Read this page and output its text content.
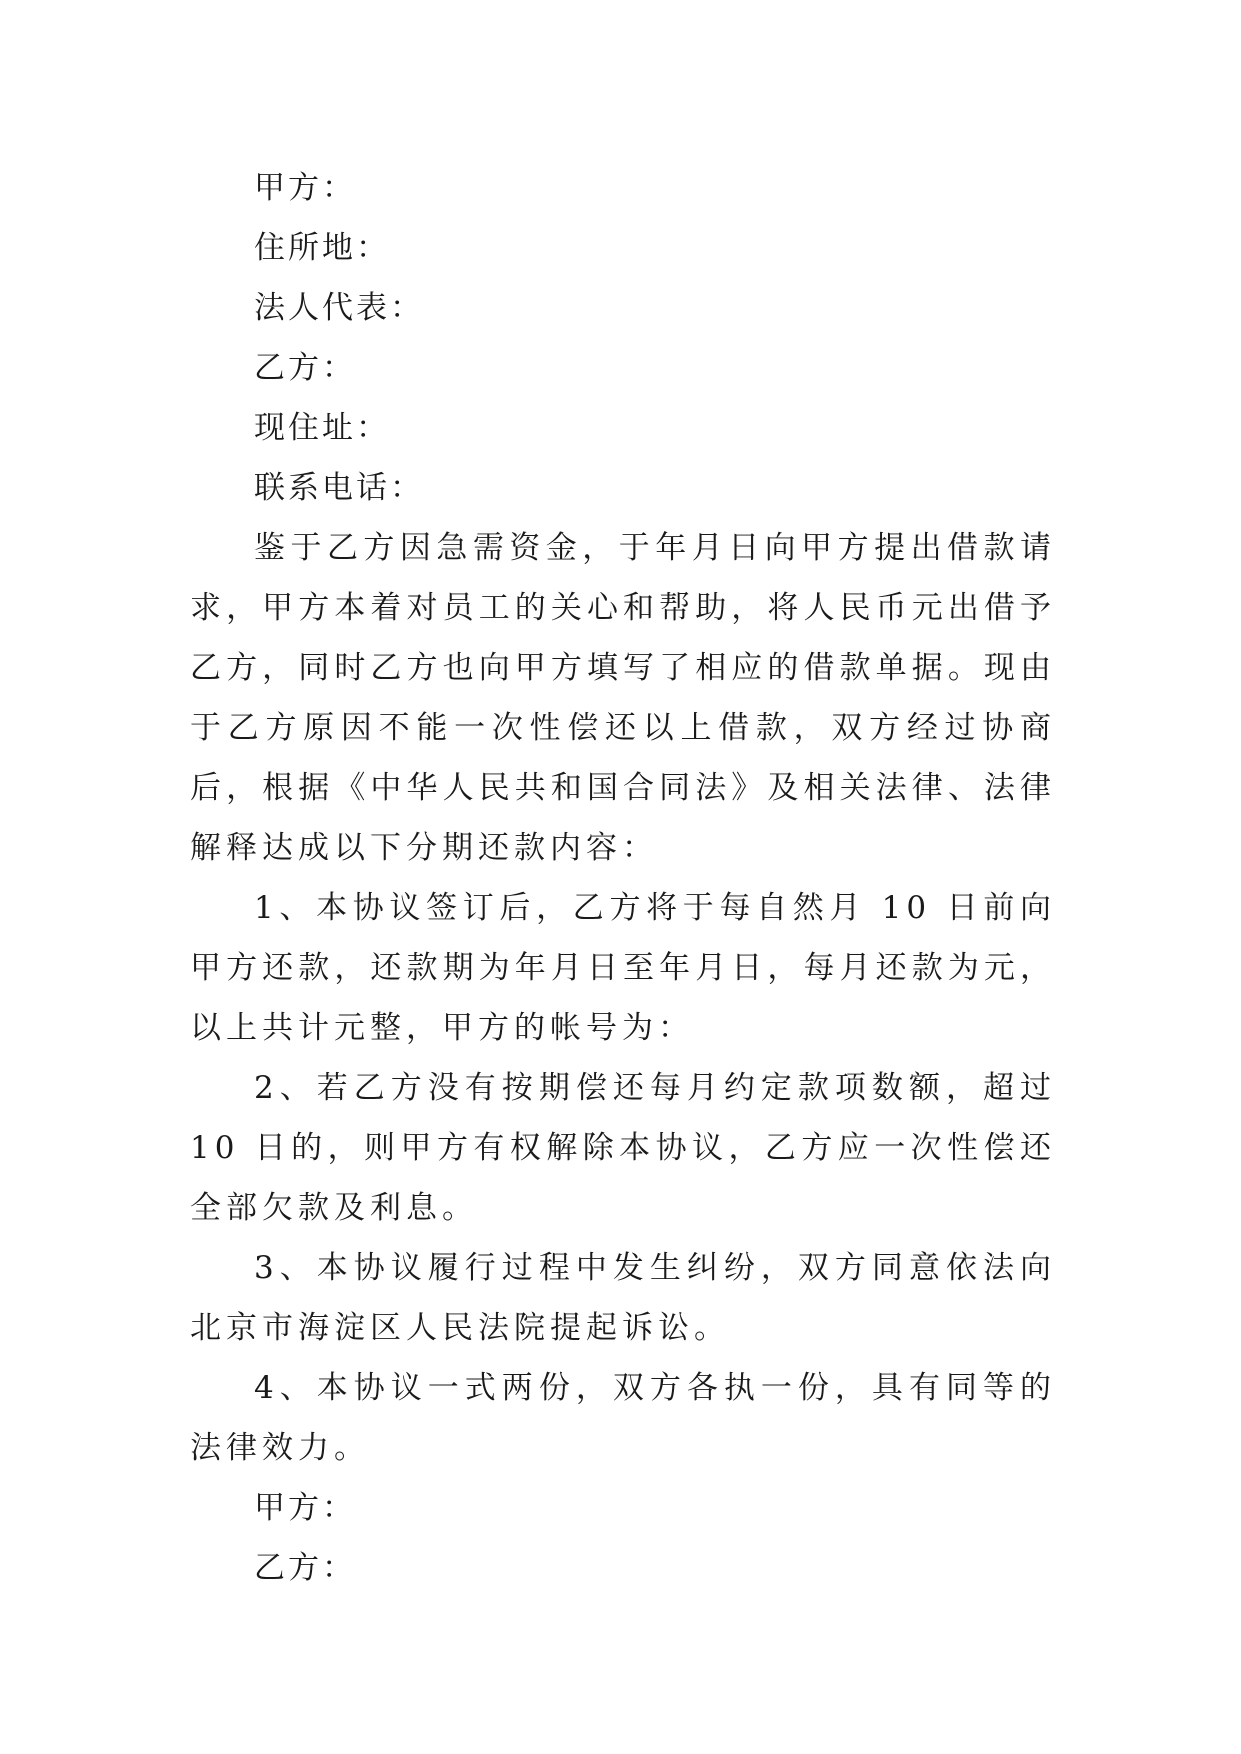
甲方：

住所地：

法人代表：

乙方：

现住址：

联系电话：

鉴于乙方因急需资金，于年月日向甲方提出借款请求，甲方本着对员工的关心和帮助，将人民币元出借予乙方，同时乙方也向甲方填写了相应的借款单据。现由于乙方原因不能一次性偿还以上借款，双方经过协商后，根据《中华人民共和国合同法》及相关法律、法律解释达成以下分期还款内容：

1、本协议签订后，乙方将于每自然月 10 日前向甲方还款，还款期为年月日至年月日，每月还款为元，以上共计元整，甲方的帐号为：

2、若乙方没有按期偿还每月约定款项数额，超过 10 日的，则甲方有权解除本协议，乙方应一次性偿还全部欠款及利息。

3、本协议履行过程中发生纠纷，双方同意依法向北京市海淀区人民法院提起诉讼。

4、本协议一式两份，双方各执一份，具有同等的法律效力。

甲方：

乙方：
